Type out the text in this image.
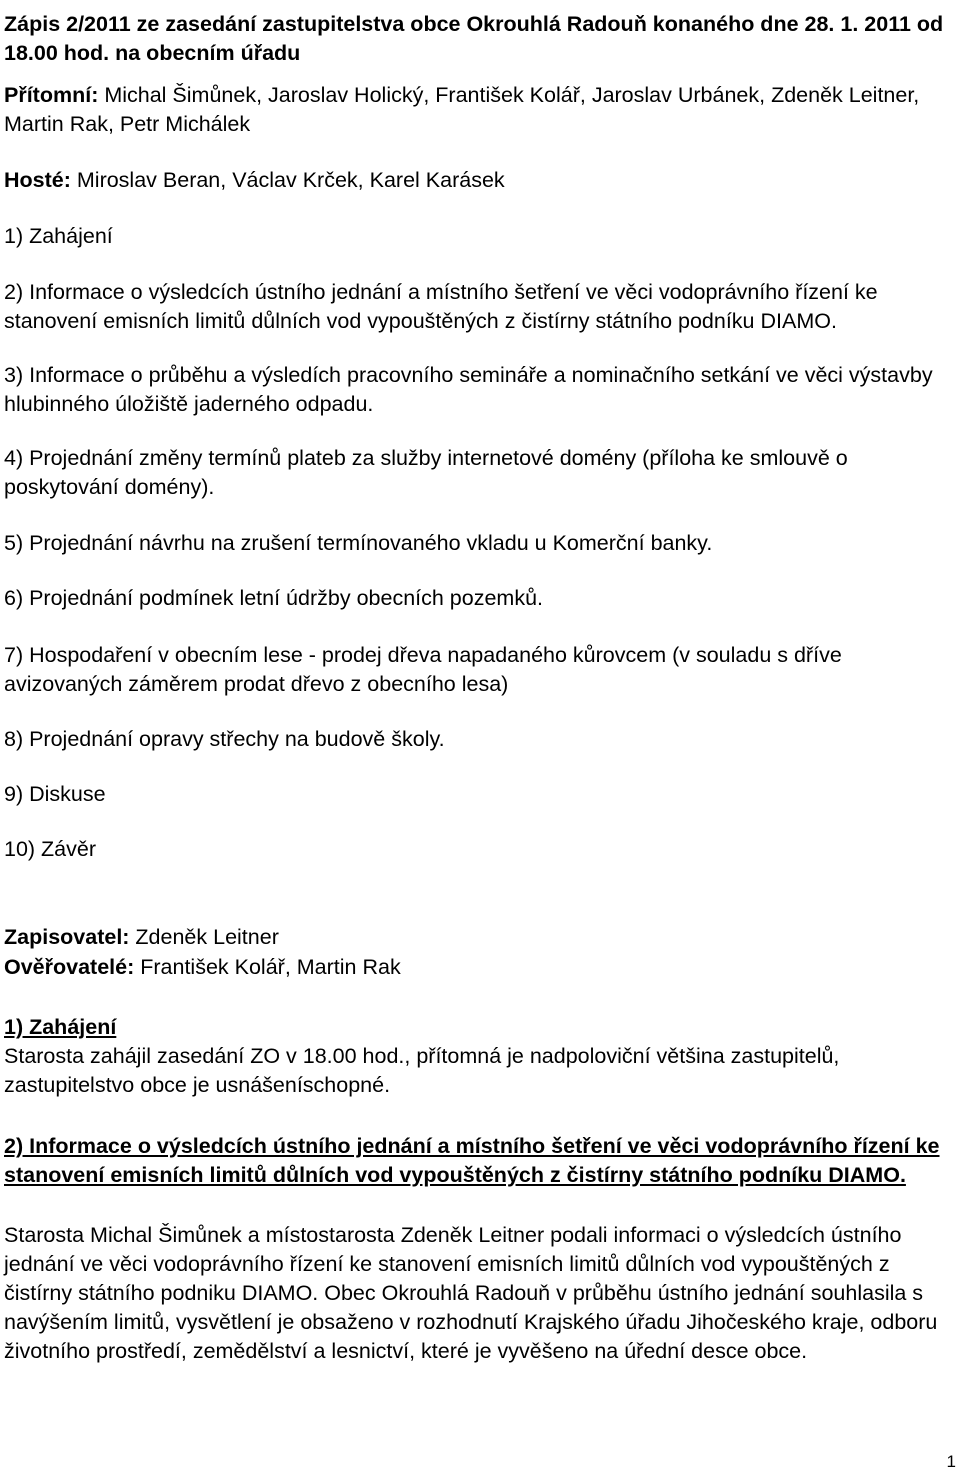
Zápis 2/2011 ze zasedání zastupitelstva obce Okrouhlá Radouň konaného dne 28. 1. 2011 od 18.00 hod. na obecním úřadu
Přítomní: Michal Šimůnek, Jaroslav Holický, František Kolář, Jaroslav Urbánek, Zdeněk Leitner, Martin Rak, Petr Michálek
Hosté: Miroslav Beran, Václav Krček, Karel Karásek
1) Zahájení
2) Informace o výsledcích ústního jednání a místního šetření ve věci vodoprávního řízení ke stanovení emisních limitů důlních vod vypouštěných z čistírny státního podníku DIAMO.
3) Informace o průběhu a výsledích pracovního semináře a nominačního setkání ve věci výstavby hlubinného úložiště jaderného odpadu.
4) Projednání změny termínů plateb za služby internetové domény (příloha ke smlouvě o poskytování domény).
5) Projednání návrhu na zrušení termínovaného vkladu u Komerční banky.
6) Projednání podmínek letní údržby obecních pozemků.
7) Hospodaření v obecním lese - prodej dřeva napadaného kůrovcem (v souladu s dříve avizovaných záměrem prodat dřevo z obecního lesa)
8) Projednání opravy střechy na budově školy.
9) Diskuse
10) Závěr
Zapisovatel: Zdeněk Leitner
Ověřovatelé: František Kolář, Martin Rak
1) Zahájení
Starosta zahájil zasedání ZO v 18.00 hod., přítomná je nadpoloviční většina zastupitelů, zastupitelstvo obce je usnášeníschopné.
2) Informace o výsledcích ústního jednání a místního šetření ve věci vodoprávního řízení ke stanovení emisních limitů důlních vod vypouštěných z čistírny státního podníku DIAMO.
Starosta Michal Šimůnek a místostarosta Zdeněk Leitner podali informaci o výsledcích ústního jednání ve věci vodoprávního řízení ke stanovení emisních limitů důlních vod vypouštěných z čistírny státního podniku DIAMO. Obec Okrouhlá Radouň v průběhu ústního jednání souhlasila s navýšením limitů, vysvětlení je obsaženo v rozhodnutí Krajského úřadu Jihočeského kraje, odboru životního prostředí, zemědělství a lesnictví, které je vyvěšeno na úřední desce obce.
1
